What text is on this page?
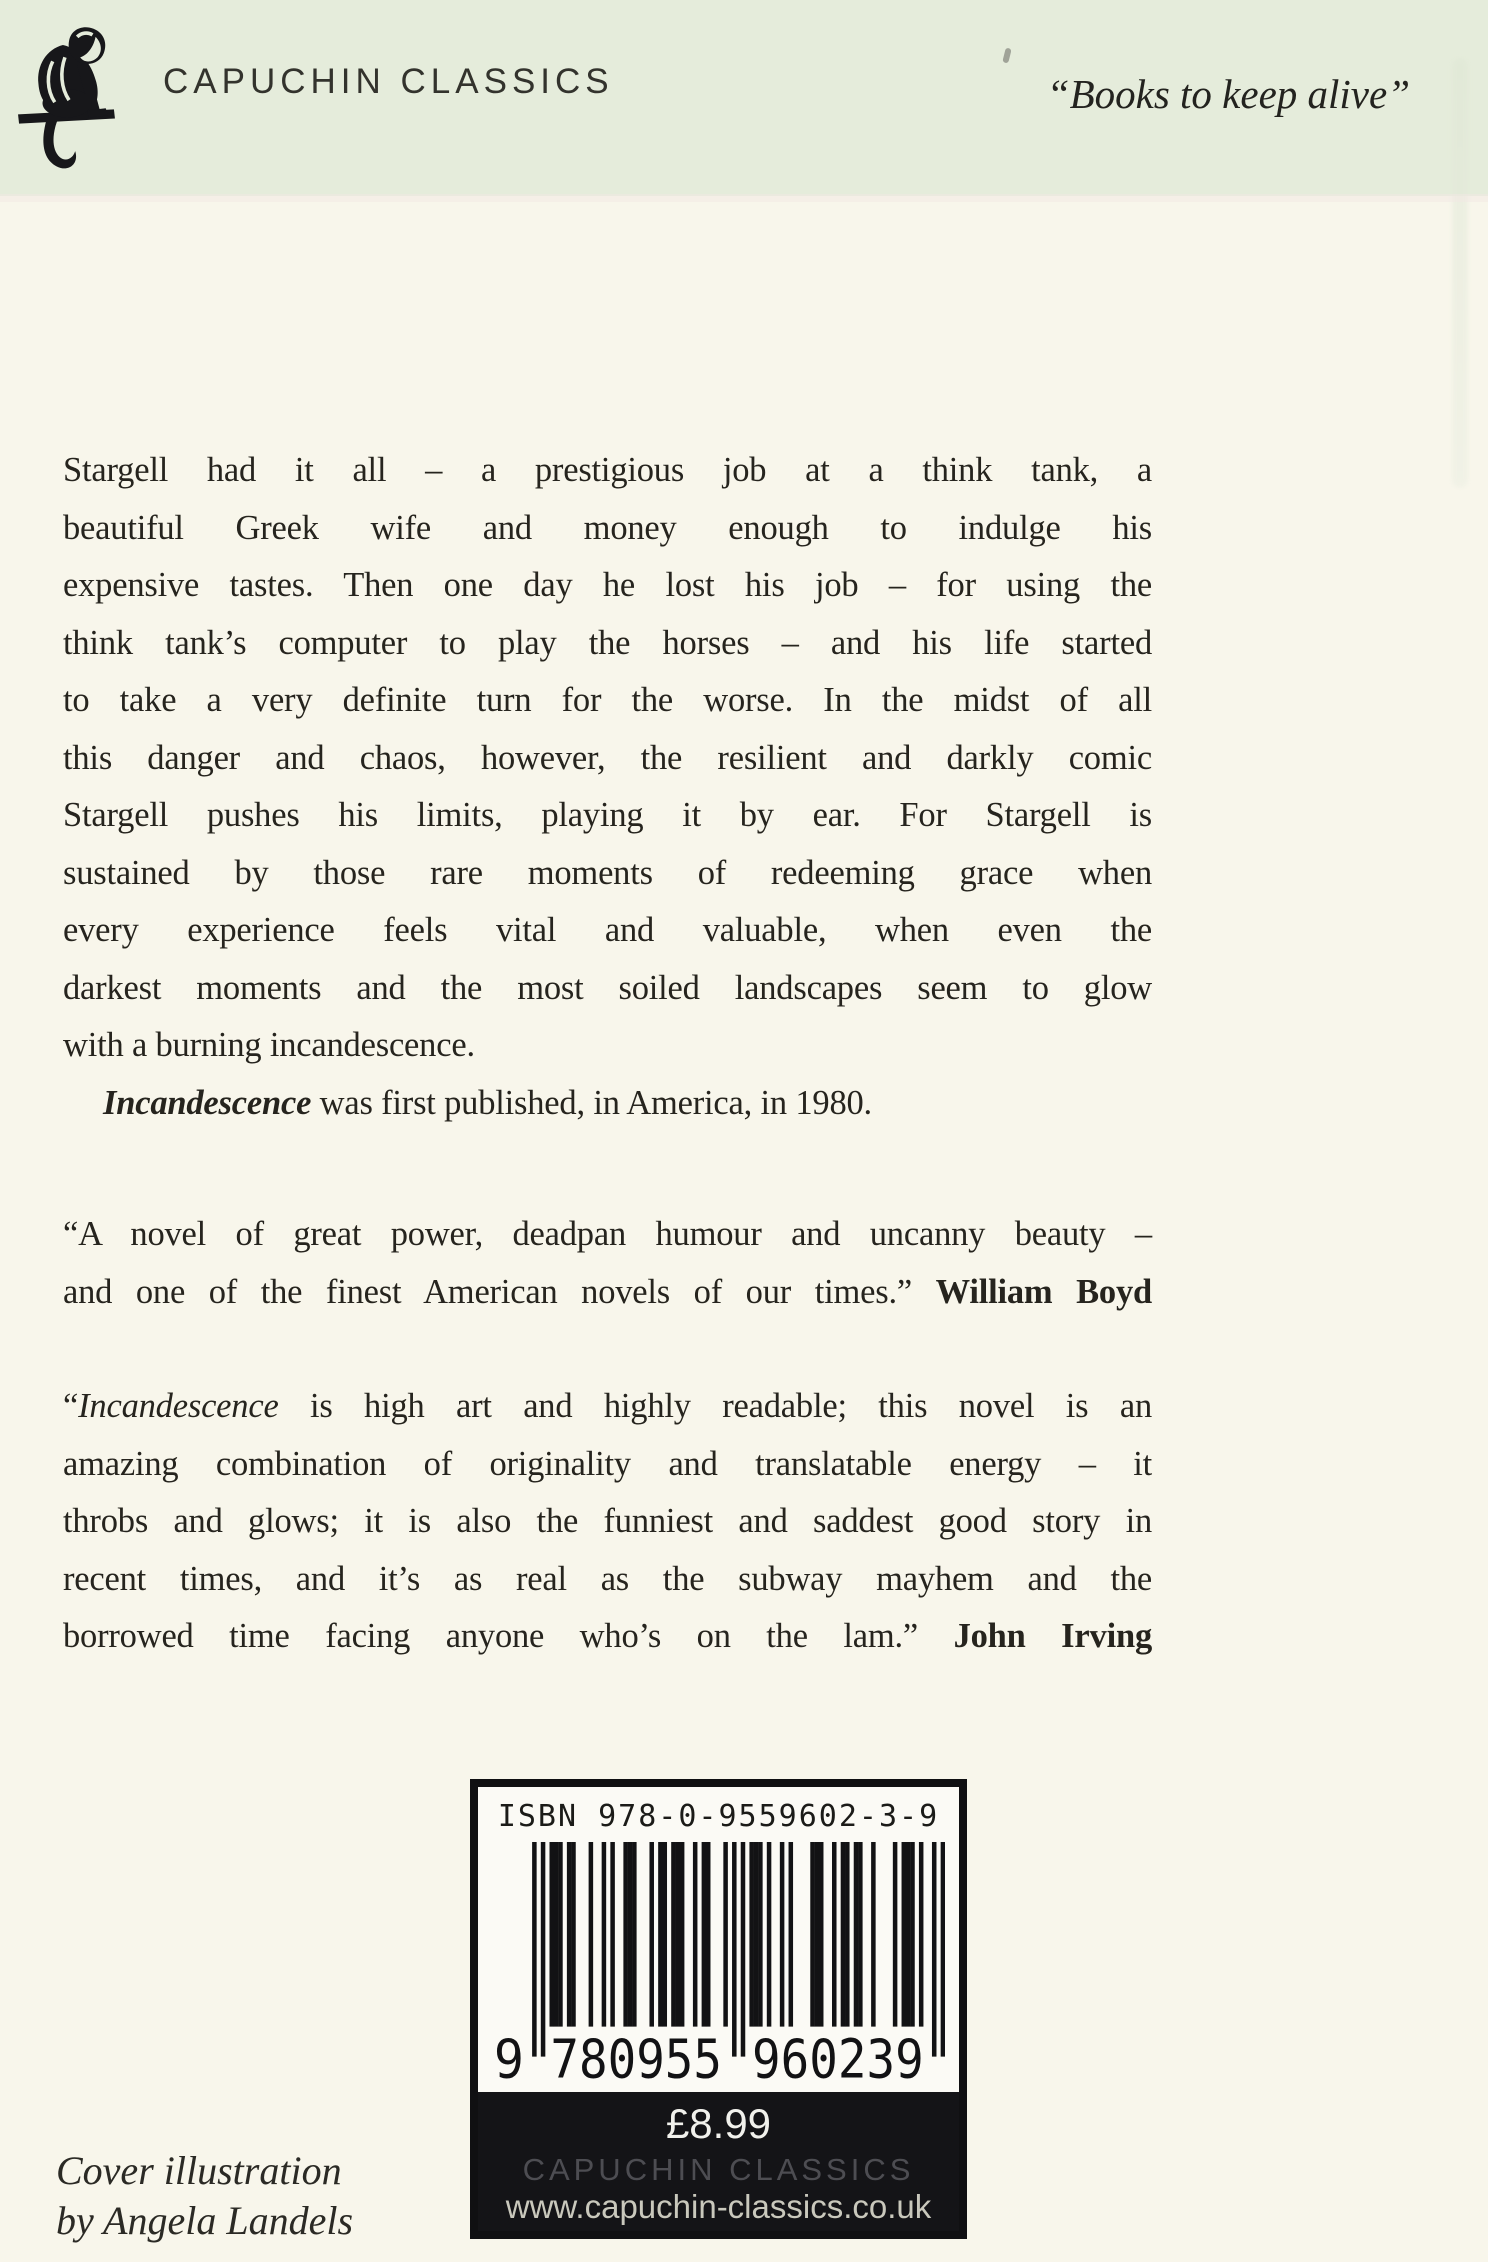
CAPUCHIN CLASSICS	“Books to keep alive”
Stargell had it all – a prestigious job at a think tank, a
beautiful Greek wife and money enough to indulge his
expensive tastes. Then one day he lost his job – for using the
think tank’s computer to play the horses – and his life started
to take a very definite turn for the worse. In the midst of all
this danger and chaos, however, the resilient and darkly comic
Stargell pushes his limits, playing it by ear. For Stargell is
sustained by those rare moments of redeeming grace when
every experience feels vital and valuable, when even the
darkest moments and the most soiled landscapes seem to glow
with a burning incandescence.
Incandescence was first published, in America, in 1980.
“A novel of great power, deadpan humour and uncanny beauty –
and one of the finest American novels of our times.” William Boyd
“Incandescence is high art and highly readable; this novel is an
amazing combination of originality and translatable energy – it
throbs and glows; it is also the funniest and saddest good story in
recent times, and it’s as real as the subway mayhem and the
borrowed time facing anyone who’s on the lam.” John Irving
ISBN 978-0-9559602-3-9
9 780955	960239
£8.99
CAPUCHIN CLASSICS
www.capuchin-classics.co.uk
Cover illustration
by Angela Landels
